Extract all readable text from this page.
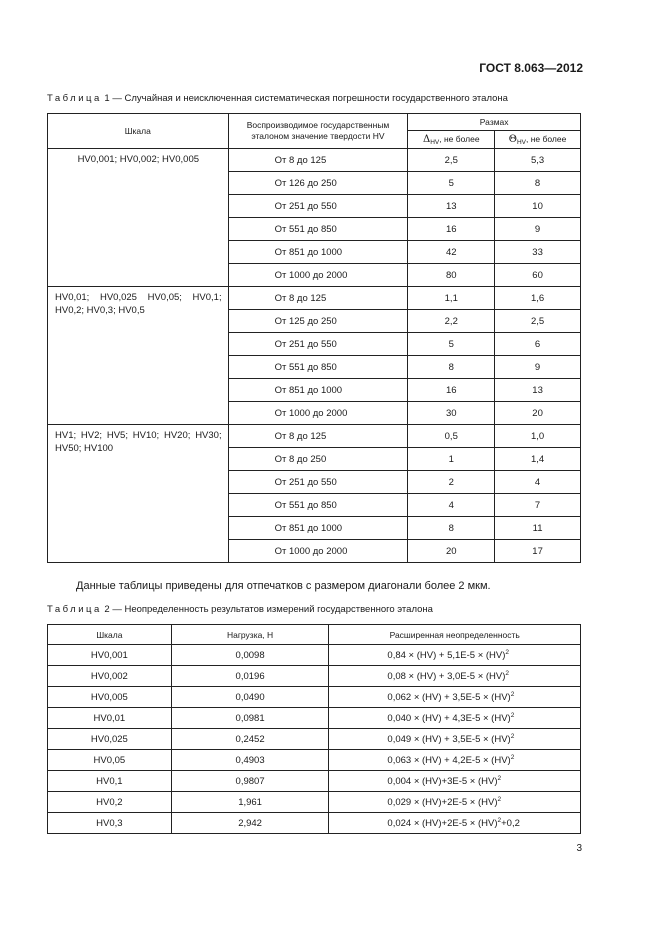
ГОСТ 8.063—2012
Таблица 1 — Случайная и неисключенная систематическая погрешности государственного эталона
Шкала	Воспроизводимое государственным эталоном значение твердости HV	Размах	
		$\Delta_{HV}$, не более	$\Theta_{HV}$, не более
HV0,001; HV0,002; HV0,005	От 8 до 125	2,5	5,3
	От 126 до 250	5	8
	От 251 до 550	13	10
	От 551 до 850	16	9
	От 851 до 1000	42	33
	От 1000 до 2000	80	60
HV0,01; HV0,025 HV0,05; HV0,1; HV0,2; HV0,3; HV0,5	От 8 до 125	1,1	1,6
	От 125 до 250	2,2	2,5
	От 251 до 550	5	6
	От 551 до 850	8	9
	От 851 до 1000	16	13
	От 1000 до 2000	30	20
HV1; HV2; HV5; HV10; HV20; HV30; HV50; HV100	От 8 до 125	0,5	1,0
	От 8 до 250	1	1,4
	От 251 до 550	2	4
	От 551 до 850	4	7
	От 851 до 1000	8	11
	От 1000 до 2000	20	17
Данные таблицы приведены для отпечатков с размером диагонали более 2 мкм.
Таблица 2 — Неопределенность результатов измерений государственного эталона
Шкала	Нагрузка, Н	Расширенная неопределенность
HV0,001	0,0098	0,84 × (HV) + 5,1E-5 × (HV)$^2$
HV0,002	0,0196	0,08 × (HV) + 3,0E-5 × (HV)$^2$
HV0,005	0,0490	0,062 × (HV) + 3,5E-5 × (HV)$^2$
HV0,01	0,0981	0,040 × (HV) + 4,3E-5 × (HV)$^2$
HV0,025	0,2452	0,049 × (HV) + 3,5E-5 × (HV)$^2$
HV0,05	0,4903	0,063 × (HV) + 4,2E-5 × (HV)$^2$
HV0,1	0,9807	0,004 × (HV)+3E-5 × (HV)$^2$
HV0,2	1,961	0,029 × (HV)+2E-5 × (HV)$^2$
HV0,3	2,942	0,024 × (HV)+2E-5 × (HV)$^2$+0,2
3
